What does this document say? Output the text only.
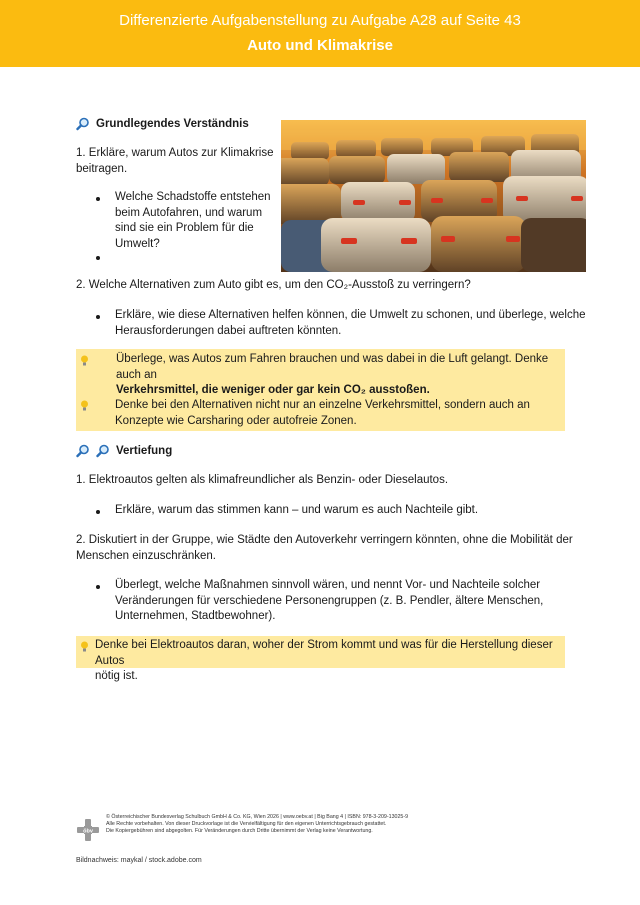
Differenzierte Aufgabenstellung zu Aufgabe A28 auf Seite 43
Auto und Klimakrise
Grundlegendes Verständnis
1. Erkläre, warum Autos zur Klimakrise
beitragen.
Welche Schadstoffe entstehen
beim Autofahren, und warum
sind sie ein Problem für die
Umwelt?
2. Welche Alternativen zum Auto gibt es, um den CO₂-Ausstoß zu verringern?
Erkläre, wie diese Alternativen helfen können, die Umwelt zu schonen, und überlege, welche
Herausforderungen dabei auftreten könnten.
Überlege, was Autos zum Fahren brauchen und was dabei in die Luft gelangt. Denke auch an
Verkehrsmittel, die weniger oder gar kein CO₂ ausstoßen.
Denke bei den Alternativen nicht nur an einzelne Verkehrsmittel, sondern auch an
Konzepte wie Carsharing oder autofreie Zonen.
Vertiefung
1. Elektroautos gelten als klimafreundlicher als Benzin- oder Dieselautos.
Erkläre, warum das stimmen kann – und warum es auch Nachteile gibt.
2. Diskutiert in der Gruppe, wie Städte den Autoverkehr verringern könnten, ohne die Mobilität der
Menschen einzuschränken.
Überlegt, welche Maßnahmen sinnvoll wären, und nennt Vor- und Nachteile solcher
Veränderungen für verschiedene Personengruppen (z. B. Pendler, ältere Menschen,
Unternehmen, Stadtbewohner).
Denke bei Elektroautos daran, woher der Strom kommt und was für die Herstellung dieser Autos
nötig ist.
öbv
© Österreichischer Bundesverlag Schulbuch GmbH & Co. KG, Wien 2026 | www.oebv.at | Big Bang 4 | ISBN: 978-3-209-13025-9
Alle Rechte vorbehalten. Von dieser Druckvorlage ist die Vervielfältigung für den eigenen Unterrichtsgebrauch gestattet.
Die Kopiergebühren sind abgegolten. Für Veränderungen durch Dritte übernimmt der Verlag keine Verantwortung.
Bildnachweis: maykal / stock.adobe.com
